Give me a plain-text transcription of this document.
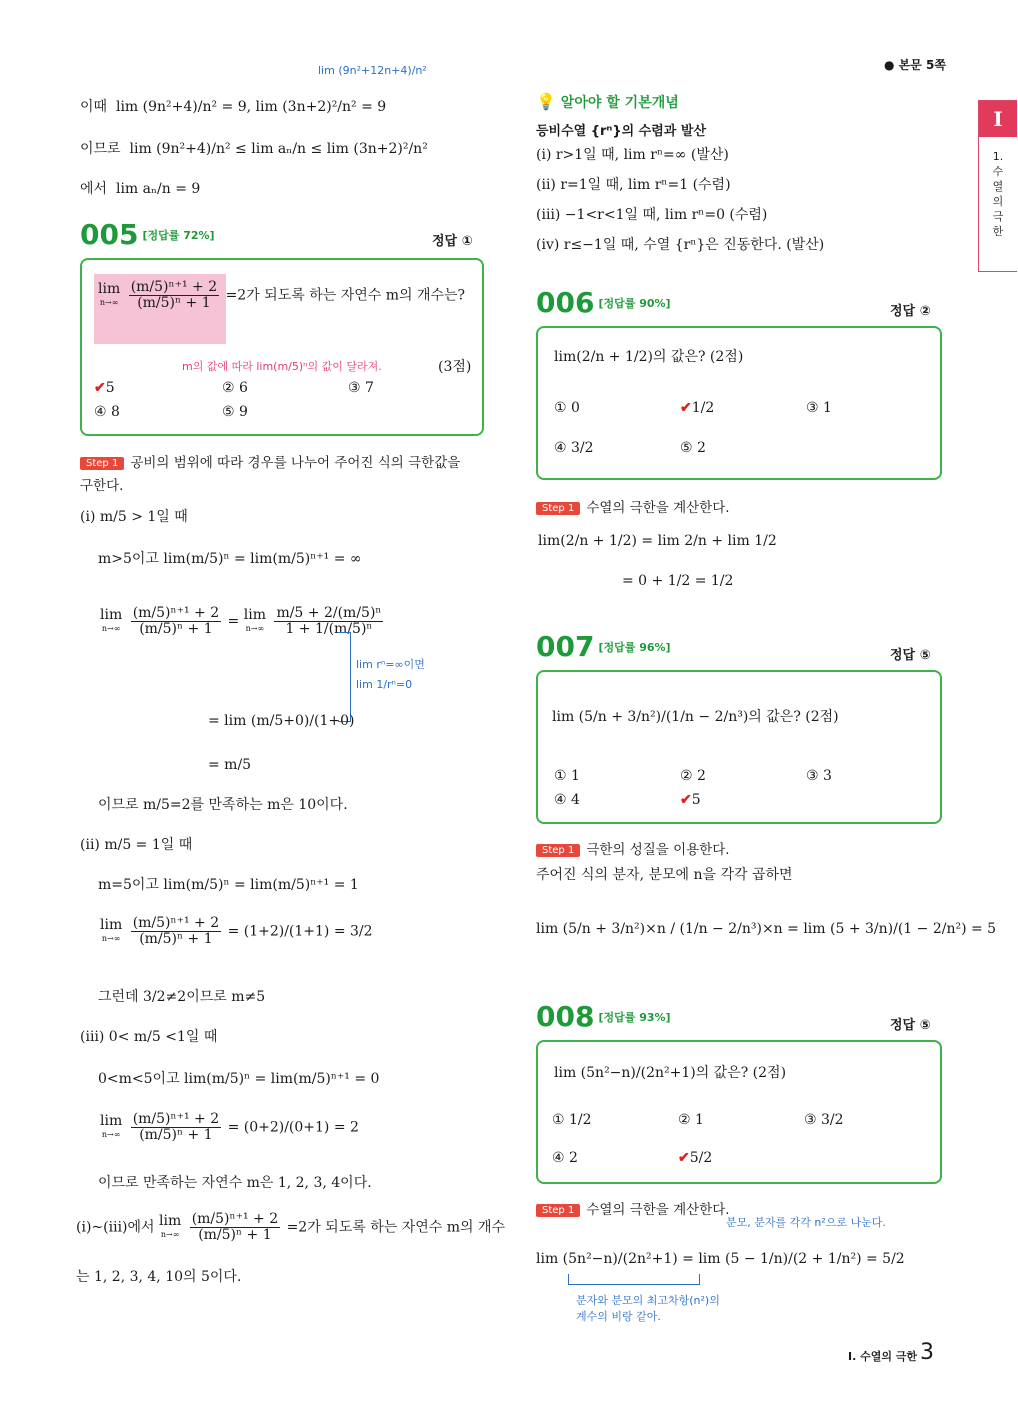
lim (9n²+12n+4)/n²
이때 lim (9n²+4)/n² = 9, lim (3n+2)²/n² = 9
이므로 lim (9n²+4)/n² ≤ lim aₙ/n ≤ lim (3n+2)²/n²
에서 lim aₙ/n = 9
005 [정답률 72%]	정답 ①
lim
n→∞
$\frac{\text{(m/5)ⁿ⁺¹ + 2}}{\text{(m/5)ⁿ + 1}} =2$가 되도록 하는 자연수 m의 개수는?
m의 값에 따라 lim(m/5)ⁿ의 값이 달라져.	(3점)
✔5	② 6	③ 7
④ 8	⑤ 9
Step 1 공비의 범위에 따라 경우를 나누어 주어진 식의 극한값을
구한다.
(ⅰ) m/5 > 1일 때
m>5이고 lim(m/5)ⁿ = lim(m/5)ⁿ⁺¹ = ∞
lim
n→∞
$\frac{\text{(m/5)ⁿ⁺¹ + 2}}{\text{(m/5)ⁿ + 1}} = \lim$
n→∞
$\frac{\text{m/5 + 2/(m/5)ⁿ}}{\text{1 + 1/(m/5)ⁿ}}$
lim rⁿ=∞이면
lim 1/rⁿ=0
= lim (m/5+0)/(1+0)
= m/5
이므로 m/5=2를 만족하는 m은 10이다.
(ⅱ) m/5 = 1일 때
m=5이고 lim(m/5)ⁿ = lim(m/5)ⁿ⁺¹ = 1
lim
n→∞
$\frac{\text{(m/5)ⁿ⁺¹ + 2}}{\text{(m/5)ⁿ + 1}} = (1+2)/(1+1) = 3/2$
그런데 3/2≠2이므로 m≠5
(ⅲ) 0< m/5 <1일 때
0<m<5이고 lim(m/5)ⁿ = lim(m/5)ⁿ⁺¹ = 0
lim
n→∞
$\frac{\text{(m/5)ⁿ⁺¹ + 2}}{\text{(m/5)ⁿ + 1}} = (0+2)/(0+1) = 2$
이므로 만족하는 자연수 m은 1, 2, 3, 4이다.
(ⅰ)~(ⅲ)에서 lim
n→∞
$\frac{\text{(m/5)ⁿ⁺¹ + 2}}{\text{(m/5)ⁿ + 1}} =2$가 되도록 하는 자연수 m의 개수
는 1, 2, 3, 4, 10의 5이다.
● 본문 5쪽
💡 알아야 할 기본개념
등비수열 {rⁿ}의 수렴과 발산
(ⅰ) r>1일 때, lim rⁿ=∞ (발산)
(ⅱ) r=1일 때, lim rⁿ=1 (수렴)
(ⅲ) −1<r<1일 때, lim rⁿ=0 (수렴)
(ⅳ) r≤−1일 때, 수열 {rⁿ}은 진동한다. (발산)
006 [정답률 90%]
정답 ②
lim(2/n + 1/2)의 값은? (2점)
① 0	✔1/2	③ 1
④ 3/2	⑤ 2
Step 1 수열의 극한을 계산한다.
lim(2/n + 1/2) = lim 2/n + lim 1/2
= 0 + 1/2 = 1/2
007 [정답률 96%]
정답 ⑤
lim (5/n + 3/n²)/(1/n − 2/n³)의 값은? (2점)
① 1	② 2	③ 3
④ 4	✔5
Step 1 극한의 성질을 이용한다.
주어진 식의 분자, 분모에 n을 각각 곱하면
lim (5/n + 3/n²)×n / (1/n − 2/n³)×n = lim (5 + 3/n)/(1 − 2/n²) = 5
008 [정답률 93%]
정답 ⑤
lim (5n²−n)/(2n²+1)의 값은? (2점)
① 1/2	② 1	③ 3/2
④ 2	✔5/2
Step 1 수열의 극한을 계산한다.
분모, 분자를 각각 n²으로 나눈다.
lim (5n²−n)/(2n²+1) = lim (5 − 1/n)/(2 + 1/n²) = 5/2
분자와 분모의 최고차항(n²)의
계수의 비랑 같아.
I. 수열의 극한 3
I
1. 수열의 극한
